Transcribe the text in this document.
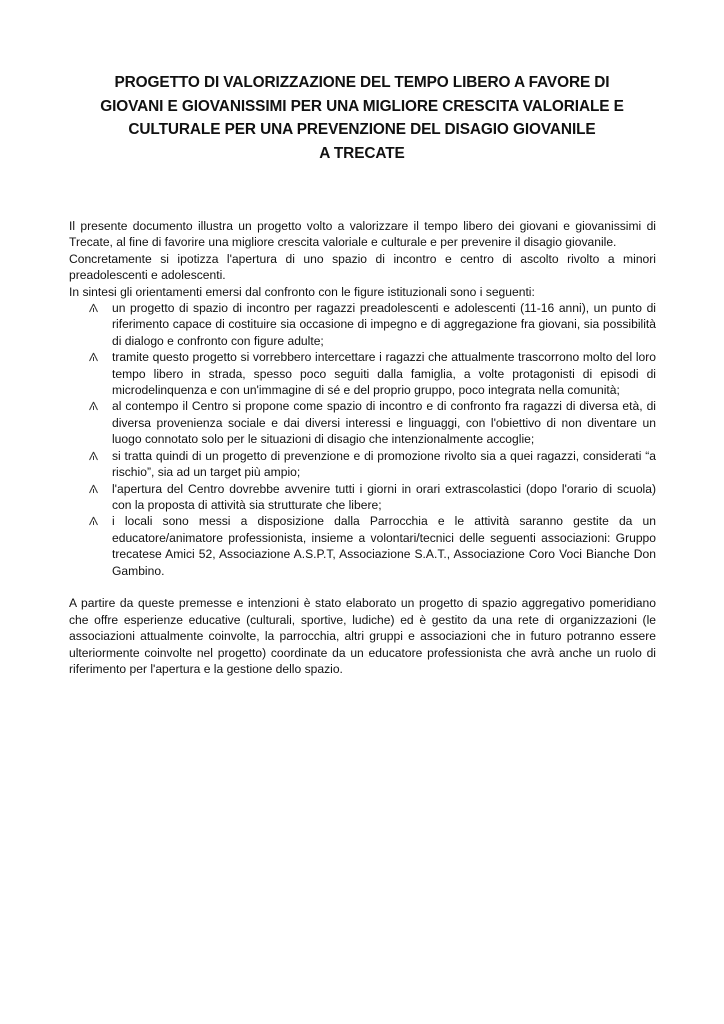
PROGETTO DI VALORIZZAZIONE DEL TEMPO LIBERO A FAVORE DI
GIOVANI E GIOVANISSIMI PER UNA MIGLIORE CRESCITA VALORIALE E
CULTURALE PER UNA PREVENZIONE DEL DISAGIO GIOVANILE
A TRECATE

Il presente documento illustra un progetto volto a valorizzare il tempo libero dei giovani e giovanissimi di Trecate, al fine di favorire una migliore crescita valoriale e culturale e per prevenire il disagio giovanile.

Concretamente si ipotizza l'apertura di uno spazio di incontro e centro di ascolto rivolto a minori preadolescenti e adolescenti.

In sintesi gli orientamenti emersi dal confronto con le figure istituzionali sono i seguenti:

un progetto di spazio di incontro per ragazzi preadolescenti e adolescenti (11-16 anni), un punto di riferimento capace di costituire sia occasione di impegno e di aggregazione fra giovani, sia possibilità di dialogo e confronto con figure adulte;
tramite questo progetto si vorrebbero intercettare i ragazzi che attualmente trascorrono molto del loro tempo libero in strada, spesso poco seguiti dalla famiglia, a volte protagonisti di episodi di microdelinquenza e con un'immagine di sé e del proprio gruppo, poco integrata nella comunità;
al contempo il Centro si propone come spazio di incontro e di confronto fra ragazzi di diversa età, di diversa provenienza sociale e dai diversi interessi e linguaggi, con l'obiettivo di non diventare un luogo connotato solo per le situazioni di disagio che intenzionalmente accoglie;
si tratta quindi di un progetto di prevenzione e di promozione rivolto sia a quei ragazzi, considerati “a rischio”, sia ad un target più ampio;
l'apertura del Centro dovrebbe avvenire tutti i giorni in orari extrascolastici (dopo l'orario di scuola) con la proposta di attività sia strutturate che libere;
i locali sono messi a disposizione dalla Parrocchia e le attività saranno gestite da un educatore/animatore professionista, insieme a volontari/tecnici delle seguenti associazioni: Gruppo trecatese Amici 52, Associazione A.S.P.T, Associazione S.A.T., Associazione Coro Voci Bianche Don Gambino.

A partire da queste premesse e intenzioni è stato elaborato un progetto di spazio aggregativo pomeridiano che offre esperienze educative (culturali, sportive, ludiche) ed è gestito da una rete di organizzazioni (le associazioni attualmente coinvolte, la parrocchia, altri gruppi e associazioni che in futuro potranno essere ulteriormente coinvolte nel progetto) coordinate da un educatore professionista che avrà anche un ruolo di riferimento per l'apertura e la gestione dello spazio.
